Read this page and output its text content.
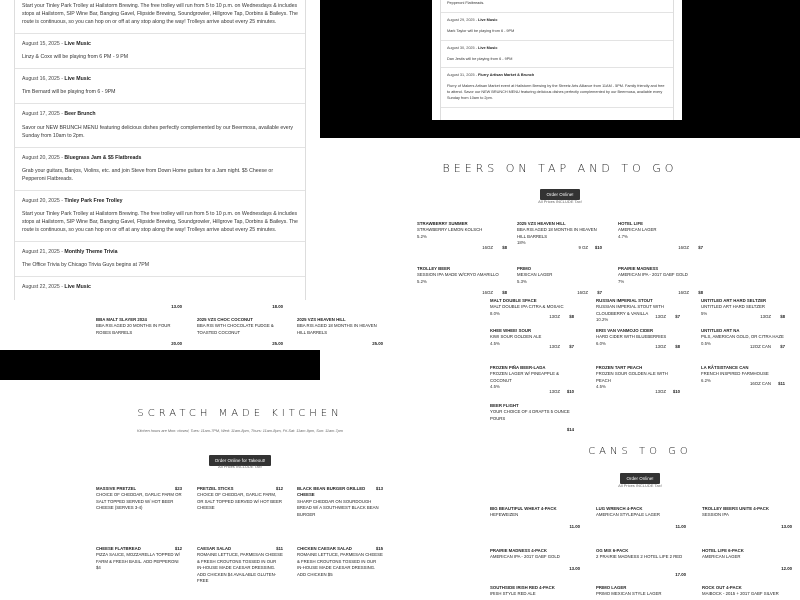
Start your Tinley Park Trolley at Hailstorm Brewing. The free trolley will run from 5 to 10 p.m. on Wednesdays & includes stops at Hailstorm, SIP Wine Bar, Banging Gavel, Flipside Brewing, Soundgrowler, Hillgrove Tap, Dorbins & Baileys. The route is continuous, so you can hop on or off at any stop along the way! Trolleys arrive about every 25 minutes.

August 15, 2025 - Live Music

Linzy & Coxx will be playing from 6 PM - 9 PM

August 16, 2025 - Live Music

Tim Bernard will be playing from 6 - 9PM

August 17, 2025 - Beer Brunch

Savor our NEW BRUNCH MENU featuring delicious dishes perfectly complemented by our Beermosa, available every Sunday from 10am to 2pm.

August 20, 2025 - Bluegrass Jam & $5 Flatbreads

Grab your guitars, Banjos, Violins, etc. and join Steve from Down Home guitars for a Jam night. $5 Cheese or Pepperoni Flatbreads.

August 20, 2025 - Tinley Park Free Trolley

Start your Tinley Park Trolley at Hailstorm Brewing. The free trolley will run from 5 to 10 p.m. on Wednesdays & includes stops at Hailstorm, SIP Wine Bar, Banging Gavel, Flipside Brewing, Soundgrowler, Hillgrove Tap, Dorbins & Baileys. The route is continuous, so you can hop on or off at any stop along the way! Trolleys arrive about every 25 minutes.

August 21, 2025 - Monthly Theme Trivia

The Office Trivia by Chicago Trivia Guys begins at 7PM

August 22, 2025 - Live Music

Pepperoni Flatbreads.

August 29, 2025 - Live Music

Mark Taylor will be playing from 6 - 9PM

August 30, 2025 - Live Music

Dan Jestis will be playing from 6 - 9PM

August 31, 2025 - Flurry Artisan Market & Brunch

Flurry of Makers Artisan Market event at Hailstorm Brewing by the Streetz Arts Alliance from 11AM - 5PM. Family friendly and free to attend. Savor our NEW BRUNCH MENU featuring delicious dishes perfectly complemented by our Beermosa, available every Sunday from 10am to 2pm.

BEERS ON TAP AND TO GO
Order Online!
All Prices INCLUDE Tax!
STRAWBERRY SUMMER
STRAWBERRY LEMON KOLSCH
5.2%
16OZ $8
2025 VZS HEAVEN HILL
BBA RIS AGED 18 MONTHS IN HEAVEN HILL BARRELS
18%
9 OZ $10
HOTEL LIFE
AMERICAN LAGER
4.7%
16OZ $7
TROLLEY BEER
SESSION IPA MADE W/CRYO AMARILLO
5.2%
16OZ $8
PRIMO
MEXICAN LAGER
5.3%
16OZ $7
PRAIRIE MADNESS
AMERICAN IPA - 2017 GABF GOLD
7%
16OZ $8
MALT DOUBLE SPACE
MALT DOUBLE IPA CITRA & MOSAIC
8.0%
13OZ $8
RUSSIAN IMPERIAL STOUT
RUSSIAN IMPERIAL STOUT WITH CLOUDBERRY & VANILLA
10.2%
13OZ $7
UNTITLED ART HARD SELTZER
UNTITLED ART HARD SELTZER
5%
13OZ $8
KHEE WHEE! SOUR
KIWI SOUR GOLDEN ALE
4.5%
13OZ $7
ERIS VAN VANMOJO CIDER
HARD CIDER WITH BLUEBERRIES
6.0%
13OZ $8
UNTITLED ART NA
PILS, AMERICAN GOLD, OR CITRA HAZE
0.5%
12OZ CAN $7
FROZEN PIÑA BEER-LADA
FROZEN LAGER W/ PINEAPPLE & COCONUT
4.5%
13OZ $10
FROZEN TART PEACH
FROZEN SOUR GOLDEN ALE WITH PEACH
4.5%
13OZ $10
LA RÂTSISTANCE CAN
FRENCH INSPIRED FARMHOUSE
6.2%
16OZ CAN $11
BEER FLIGHT
YOUR CHOICE OF 4 DRAFTS 5 OUNCE POURS
$14
13.00	18.00
BBA MALT SLAYER 2024
BBA RIS AGED 20 MONTHS IN FOUR ROSES BARRELS
20.00
2025 VZS CHOC COCONUT
BBA RIS WITH CHOCOLATE FUDGE & TOASTED COCONUT
25.00
2025 VZS HEAVEN HILL
BBA RIS AGED 18 MONTHS IN HEAVEN HILL BARRELS
25.00
SCRATCH MADE KITCHEN
Kitchen hours are Mon: closed, Tues: 11am-7PM, Wed: 11am-8pm, Thurs: 11am-8pm, Fri-Sat: 11am-9pm, Sun: 11am-7pm
Order Online for Takeout!
All Prices INCLUDE Tax!
MASSIVE PRETZEL
CHOICE OF CHEDDAR, GARLIC PARM OR SALT TOPPED SERVED W/ HOT BEER CHEESE (SERVES 3-4)
$23	PRETZEL STICKS
CHOICE OF CHEDDAR, GARLIC PARM, OR SALT TOPPED SERVED W/ HOT BEER CHEESE
$12	BLACK BEAN BURGER GRILLED CHEESE
SHARP CHEDDAR ON SOURDOUGH BREAD W/ A SOUTHWEST BLACK BEAN BURGER
$13
CHEESE FLATBREAD
PIZZA SAUCE, MOZZARELLA TOPPED W/ FARM & FRESH BASIL. ADD PEPPERONI $4
$12	CAESAR SALAD
ROMAINE LETTUCE, PARMESAN CHEESE & FRESH CROUTONS TOSSED IN OUR IN-HOUSE MADE CAESAR DRESSING. ADD CHICKEN $4 AVAILABLE GLUTEN-FREE
$11	CHICKEN CAESAR SALAD
ROMAINE LETTUCE, PARMESAN CHEESE & FRESH CROUTONS TOSSED IN OUR IN-HOUSE MADE CAESAR DRESSING. ADD CHICKEN $5
$15
CANS TO GO
Order Online!
All Prices INCLUDE Tax!
BIG BEAUTIFUL WHEAT 4-PACK
HEFEWEIZEN
11.00
LUG WRENCH 4-PACK
AMERICAN STYLEPALE LAGER
11.00
TROLLEY BEERS UNITE 4-PACK
SESSION IPA
13.00
PRAIRIE MADNESS 4-PACK
AMERICAN IPA - 2017 GABF GOLD
13.00
OG MIX 6-PACK
2 PRAIRIE MADNESS 2 HOTEL LIFE 2 RED
17.00
HOTEL LIFE 6-PACK
AMERICAN LAGER
12.00
SOUTHSIDE IRISH RED 4-PACK
IRISH STYLE RED ALE
PRIMO LAGER
PRIMO MEXICAN STYLE LAGER
ROCK OUT 4-PACK
MAIBOCK - 2015 + 2017 GABF SILVER
